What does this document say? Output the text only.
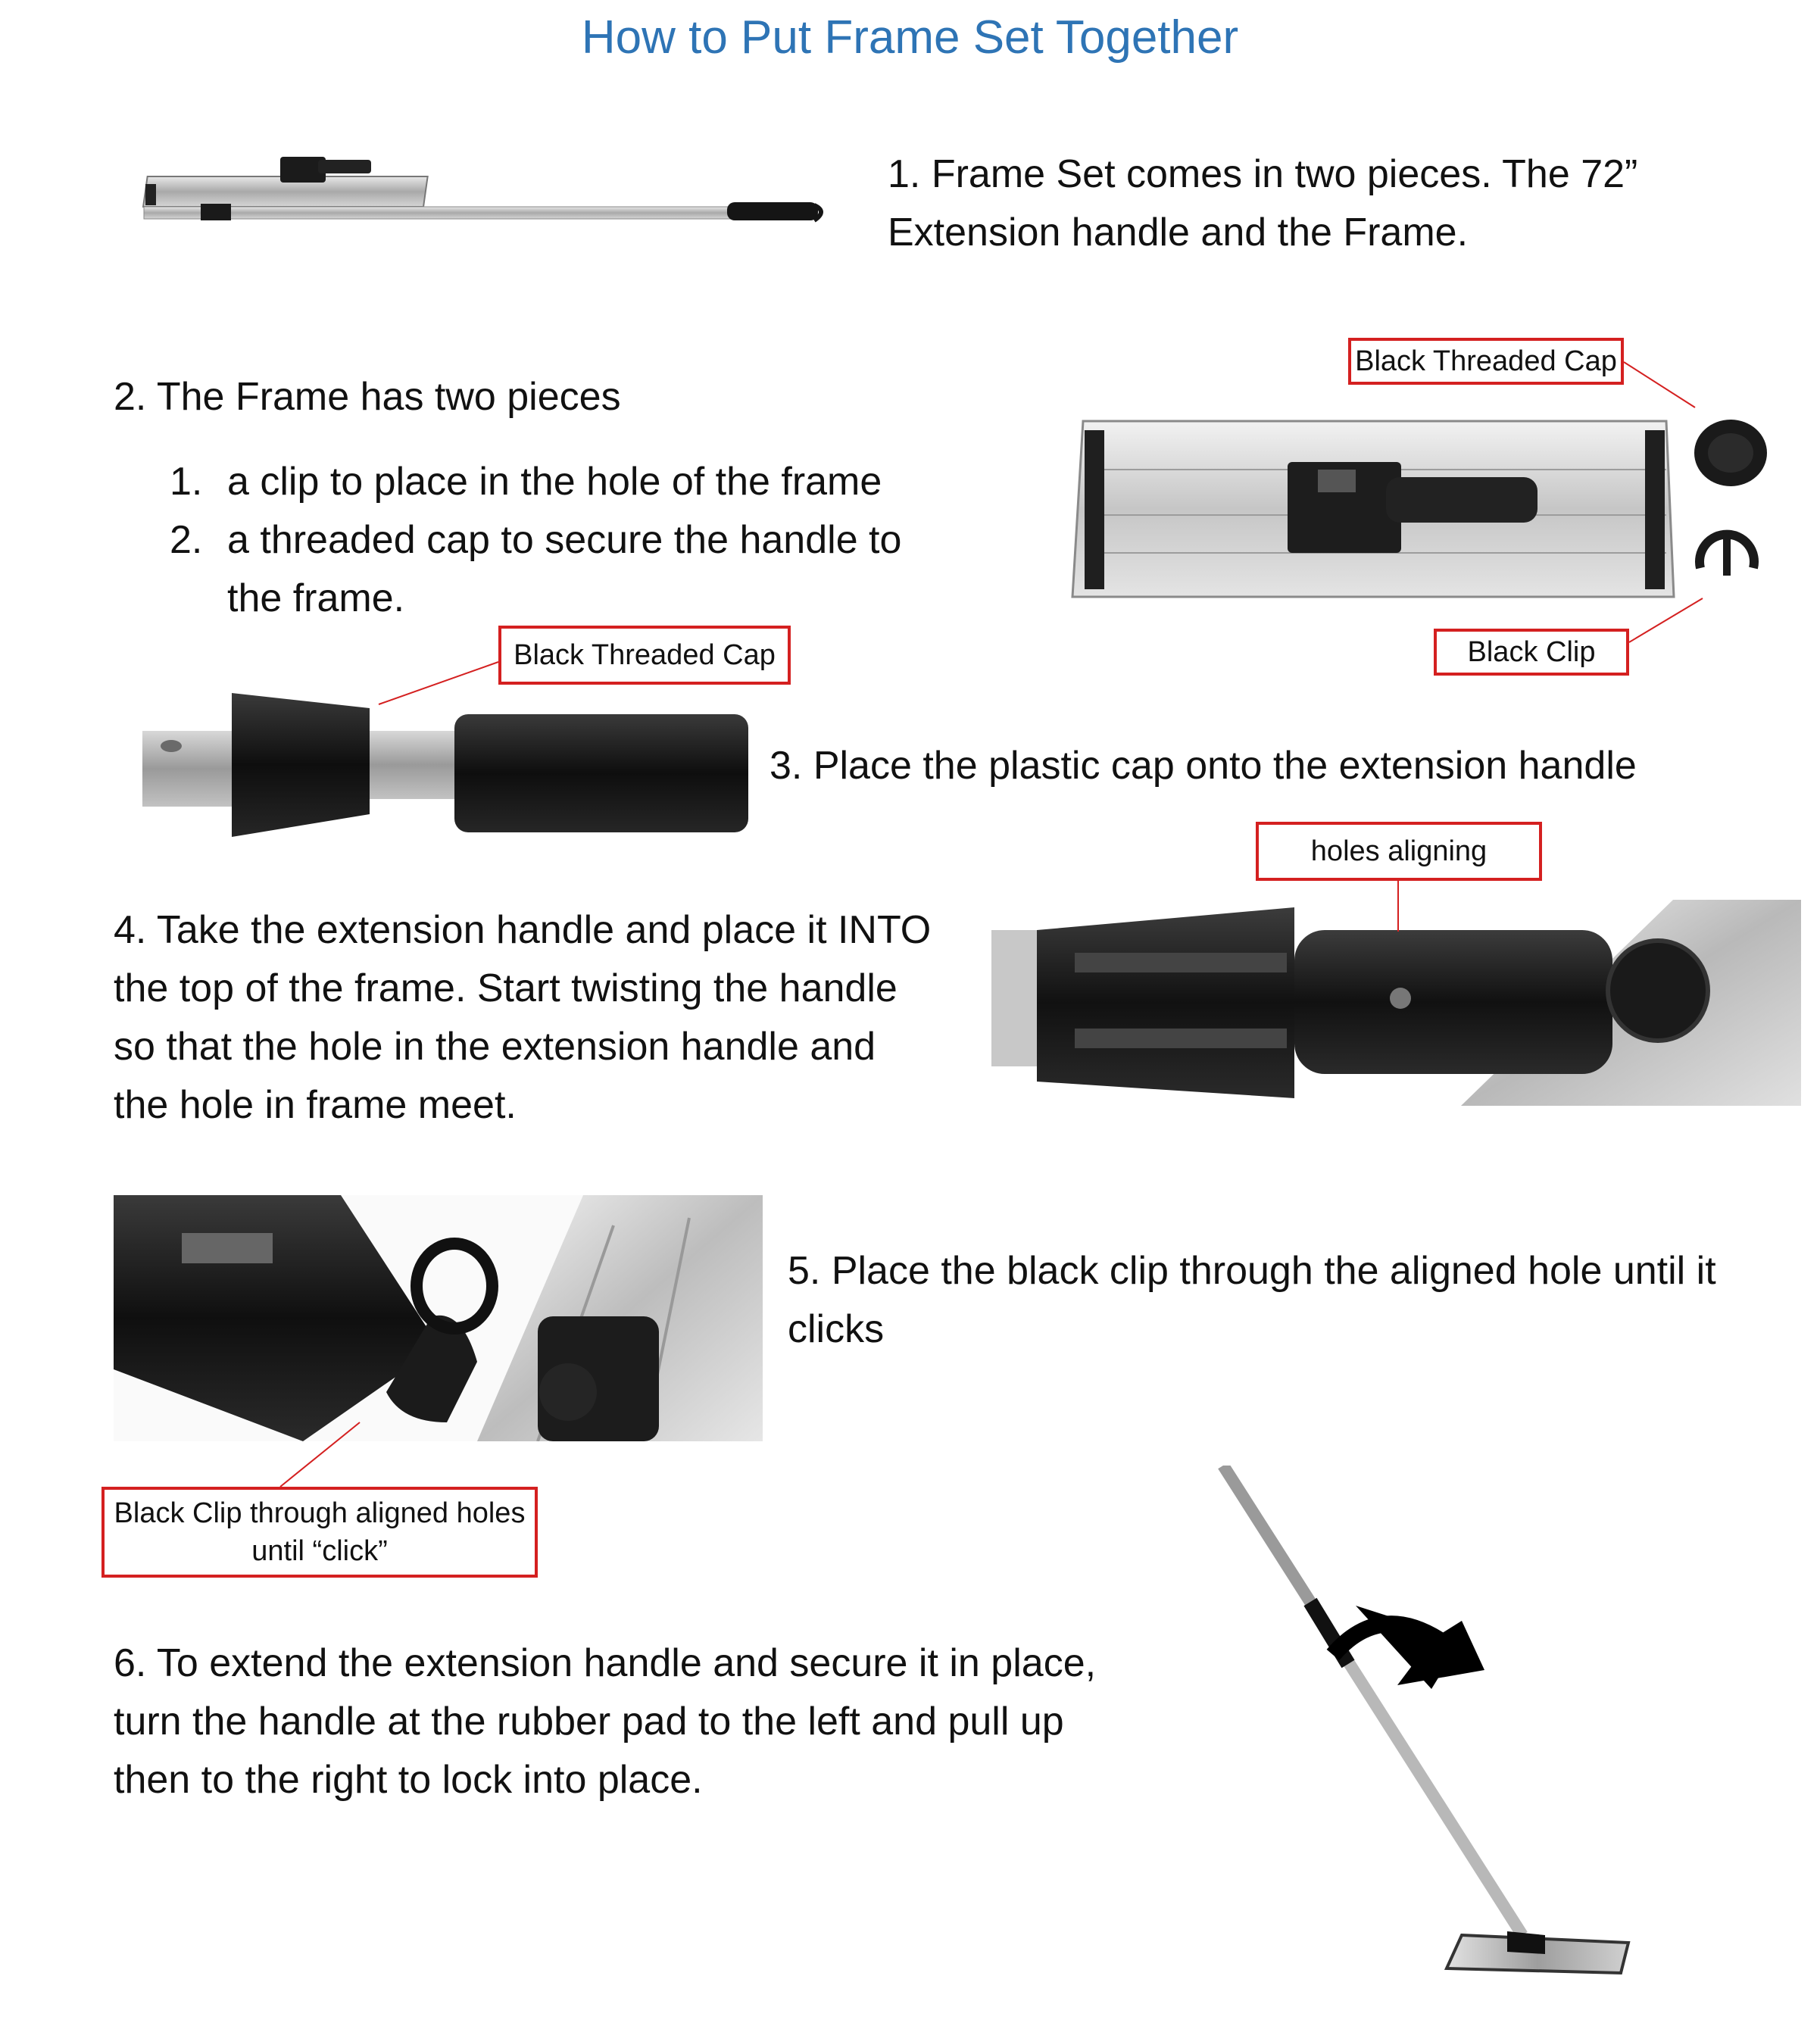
How to Put Frame Set Together
1. Frame Set comes in two pieces. The 72”
Extension handle and the Frame.
2. The Frame has two pieces
1. a clip to place in the hole of the frame
2. a threaded cap to secure the handle to
the frame.
Black Threaded Cap
Black Clip
Black Threaded Cap
3. Place the plastic cap onto the extension handle
holes aligning
4. Take the extension handle and place it INTO
the top of the frame. Start twisting the handle
so that the hole in the extension handle and
the hole in frame meet.
5. Place the black clip through the aligned hole until it
clicks
Black Clip through aligned holes
until “click”
6. To extend the extension handle and secure it in place,
turn the handle at the rubber pad to the left and pull up
then to the right to lock into place.
